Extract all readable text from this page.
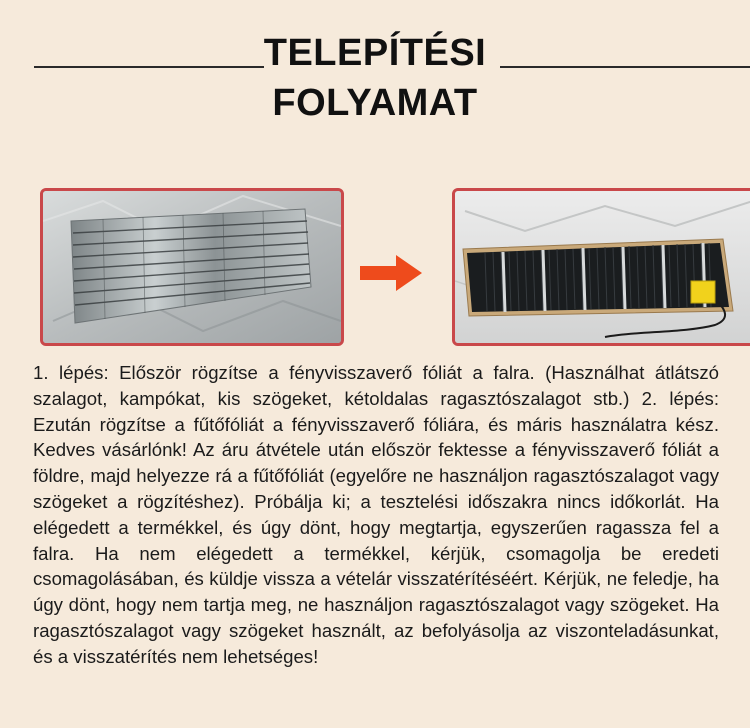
TELEPÍTÉSI
FOLYAMAT
1. lépés: Először rögzítse a fényvisszaverő fóliát a falra. (Használhat átlátszó szalagot, kampókat, kis szögeket, kétoldalas ragasztószalagot stb.) 2. lépés: Ezután rögzítse a fűtőfóliát a fényvisszaverő fóliára, és máris használatra kész. Kedves vásárlónk! Az áru átvétele után először fektesse a fényvisszaverő fóliát a földre, majd helyezze rá a fűtőfóliát (egyelőre ne használjon ragasztószalagot vagy szögeket a rögzítéshez). Próbálja ki; a tesztelési időszakra nincs időkorlát. Ha elégedett a termékkel, és úgy dönt, hogy megtartja, egyszerűen ragassza fel a falra. Ha nem elégedett a termékkel, kérjük, csomagolja be eredeti csomagolásában, és küldje vissza a vételár visszatérítéséért. Kérjük, ne feledje, ha úgy dönt, hogy nem tartja meg, ne használjon ragasztószalagot vagy szögeket. Ha ragasztószalagot vagy szögeket használt, az befolyásolja az viszonteladásunkat, és a visszatérítés nem lehetséges!
